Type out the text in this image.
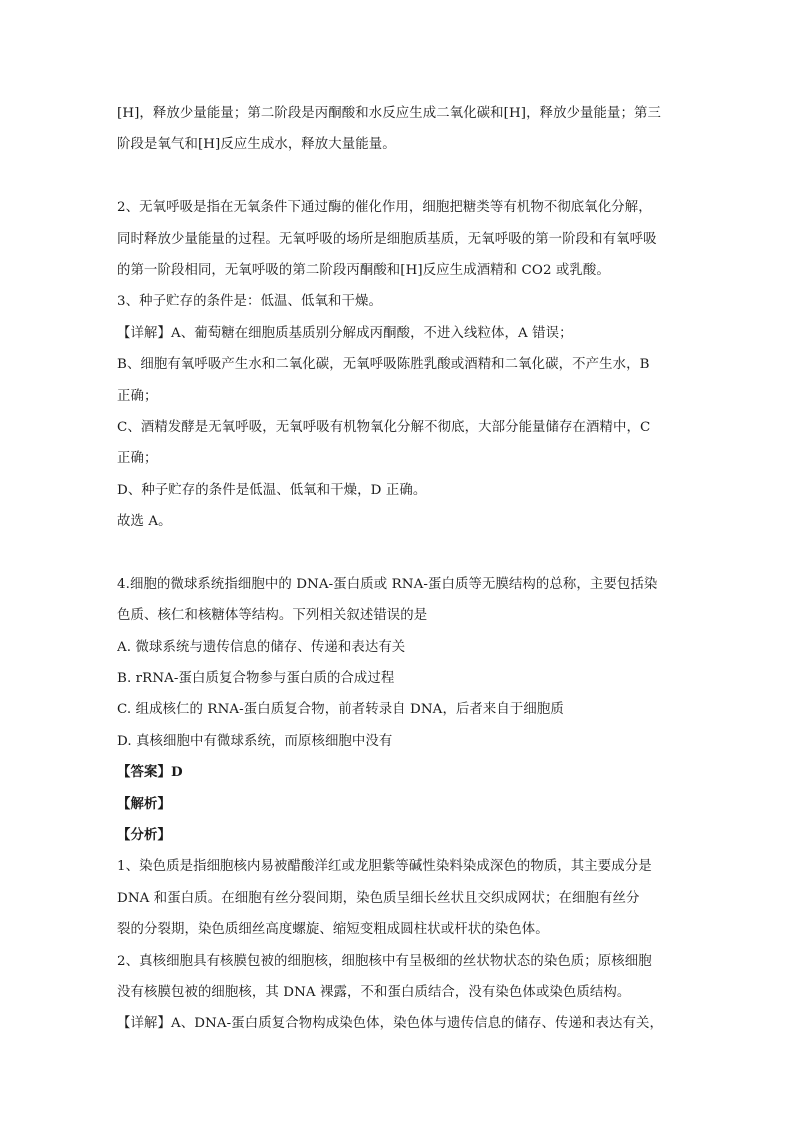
[H]，释放少量能量；第二阶段是丙酮酸和水反应生成二氧化碳和[H]，释放少量能量；第三
阶段是氧气和[H]反应生成水，释放大量能量。
2、无氧呼吸是指在无氧条件下通过酶的催化作用，细胞把糖类等有机物不彻底氧化分解，
同时释放少量能量的过程。无氧呼吸的场所是细胞质基质，无氧呼吸的第一阶段和有氧呼吸
的第一阶段相同，无氧呼吸的第二阶段丙酮酸和[H]反应生成酒精和 CO2 或乳酸。
3、种子贮存的条件是：低温、低氧和干燥。
【详解】A、葡萄糖在细胞质基质别分解成丙酮酸，不进入线粒体，A 错误；
B、细胞有氧呼吸产生水和二氧化碳，无氧呼吸陈胜乳酸或酒精和二氧化碳，不产生水，B
正确；
C、酒精发酵是无氧呼吸，无氧呼吸有机物氧化分解不彻底，大部分能量储存在酒精中，C
正确；
D、种子贮存的条件是低温、低氧和干燥，D 正确。
故选 A。
4.细胞的微球系统指细胞中的 DNA-蛋白质或 RNA-蛋白质等无膜结构的总称，主要包括染
色质、核仁和核糖体等结构。下列相关叙述错误的是
A. 微球系统与遗传信息的储存、传递和表达有关
B. rRNA-蛋白质复合物参与蛋白质的合成过程
C. 组成核仁的 RNA-蛋白质复合物，前者转录自 DNA，后者来自于细胞质
D. 真核细胞中有微球系统，而原核细胞中没有
【答案】D
【解析】
【分析】
1、染色质是指细胞核内易被醋酸洋红或龙胆紫等碱性染料染成深色的物质，其主要成分是
DNA 和蛋白质。在细胞有丝分裂间期，染色质呈细长丝状且交织成网状；在细胞有丝分
裂的分裂期，染色质细丝高度螺旋、缩短变粗成圆柱状或杆状的染色体。
2、真核细胞具有核膜包被的细胞核，细胞核中有呈极细的丝状物状态的染色质；原核细胞
没有核膜包被的细胞核，其 DNA 裸露，不和蛋白质结合，没有染色体或染色质结构。
【详解】A、DNA-蛋白质复合物构成染色体，染色体与遗传信息的储存、传递和表达有关，
